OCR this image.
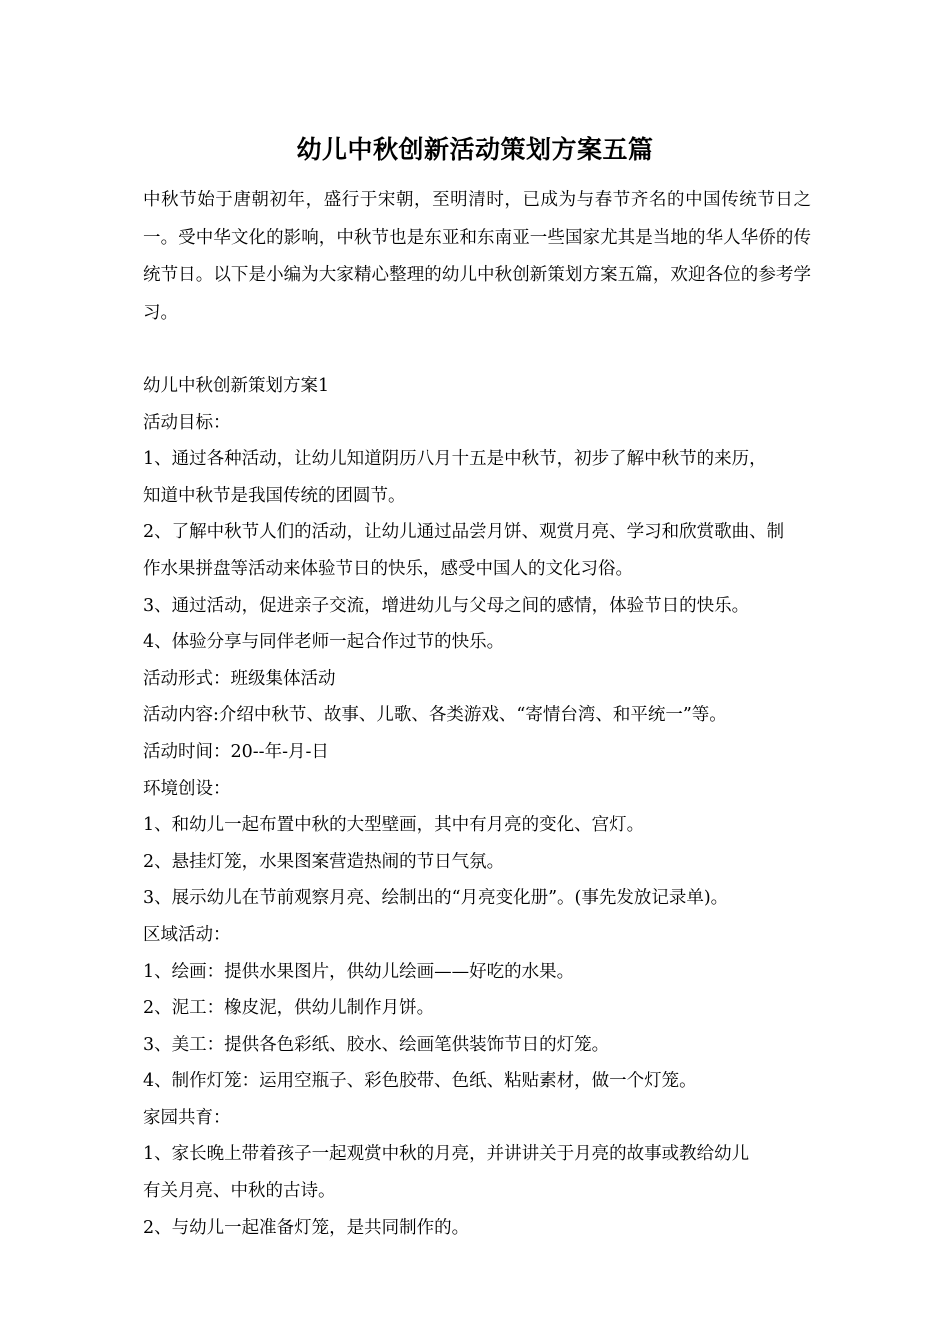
幼儿中秋创新活动策划方案五篇

中秋节始于唐朝初年，盛行于宋朝，至明清时，已成为与春节齐名的中国传统节日之一。受中华文化的影响，中秋节也是东亚和东南亚一些国家尤其是当地的华人华侨的传统节日。以下是小编为大家精心整理的幼儿中秋创新策划方案五篇，欢迎各位的参考学习。

幼儿中秋创新策划方案1

活动目标：

1、通过各种活动，让幼儿知道阴历八月十五是中秋节，初步了解中秋节的来历，

知道中秋节是我国传统的团圆节。

2、了解中秋节人们的活动，让幼儿通过品尝月饼、观赏月亮、学习和欣赏歌曲、制

作水果拼盘等活动来体验节日的快乐，感受中国人的文化习俗。

3、通过活动，促进亲子交流，增进幼儿与父母之间的感情，体验节日的快乐。

4、体验分享与同伴老师一起合作过节的快乐。

活动形式：班级集体活动

活动内容:介绍中秋节、故事、儿歌、各类游戏、“寄情台湾、和平统一”等。

活动时间：20--年-月-日

环境创设：

1、和幼儿一起布置中秋的大型壁画，其中有月亮的变化、宫灯。

2、悬挂灯笼，水果图案营造热闹的节日气氛。

3、展示幼儿在节前观察月亮、绘制出的“月亮变化册”。(事先发放记录单)。

区域活动：

1、绘画：提供水果图片，供幼儿绘画——好吃的水果。

2、泥工：橡皮泥，供幼儿制作月饼。

3、美工：提供各色彩纸、胶水、绘画笔供装饰节日的灯笼。

4、制作灯笼：运用空瓶子、彩色胶带、色纸、粘贴素材，做一个灯笼。

家园共育：

1、家长晚上带着孩子一起观赏中秋的月亮，并讲讲关于月亮的故事或教给幼儿

有关月亮、中秋的古诗。

2、与幼儿一起准备灯笼，是共同制作的。
